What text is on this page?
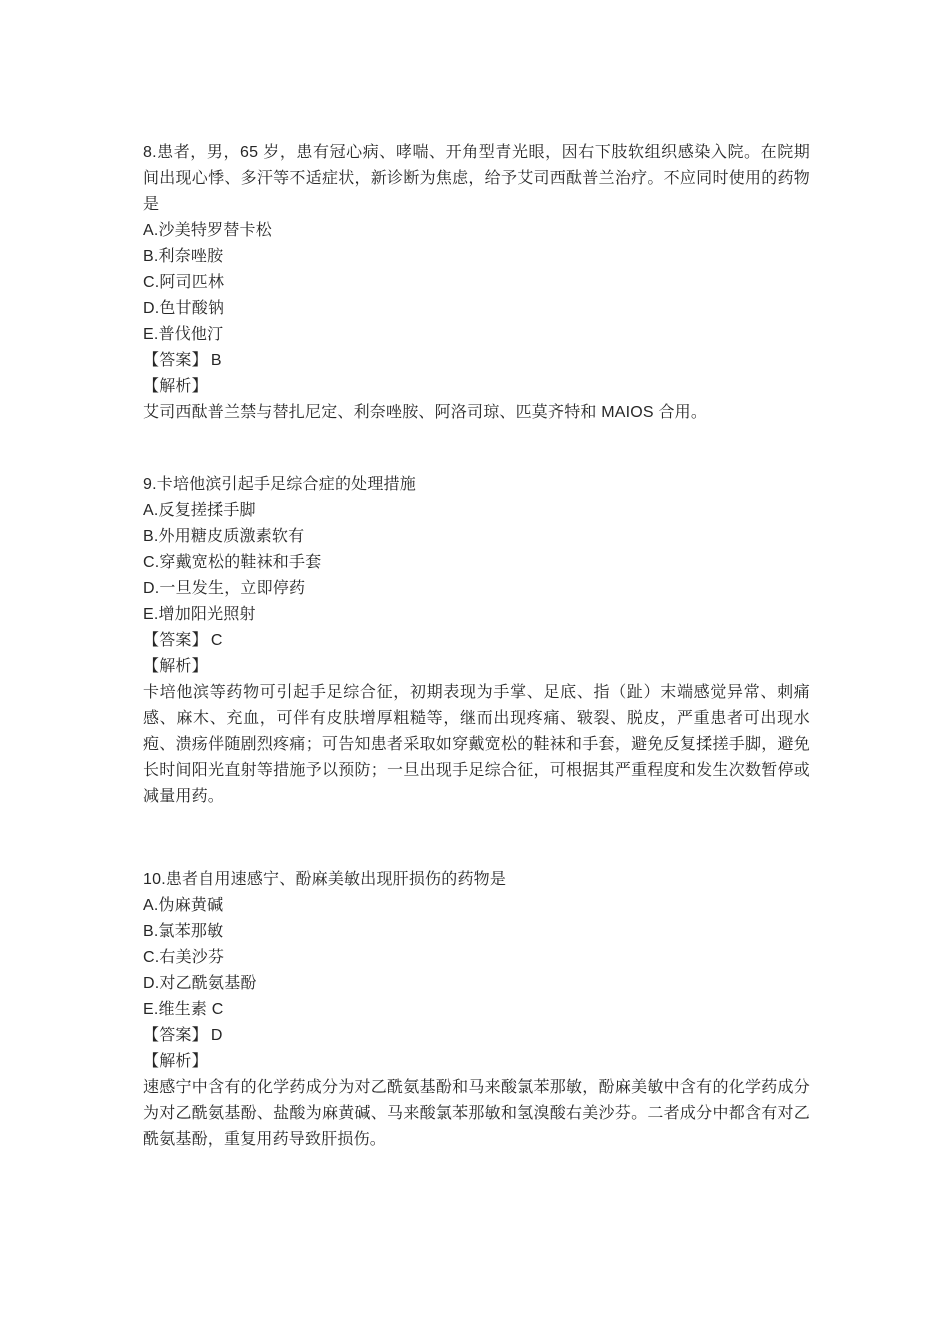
8.患者，男，65 岁，患有冠心病、哮喘、开角型青光眼，因右下肢软组织感染入院。在院期间出现心悸、多汗等不适症状，新诊断为焦虑，给予艾司西酞普兰治疗。不应同时使用的药物是

A.沙美特罗替卡松

B.利奈唑胺

C.阿司匹林

D.色甘酸钠

E.普伐他汀

【答案】 B

【解析】

艾司西酞普兰禁与替扎尼定、利奈唑胺、阿洛司琼、匹莫齐特和 MAIOS 合用。

9.卡培他滨引起手足综合症的处理措施

A.反复搓揉手脚

B.外用糖皮质激素软有

C.穿戴宽松的鞋袜和手套

D.一旦发生，立即停药

E.增加阳光照射

【答案】 C

【解析】

卡培他滨等药物可引起手足综合征，初期表现为手掌、足底、指（趾）末端感觉异常、刺痛感、麻木、充血，可伴有皮肤增厚粗糙等，继而出现疼痛、皲裂、脱皮，严重患者可出现水疱、溃疡伴随剧烈疼痛；可告知患者采取如穿戴宽松的鞋袜和手套，避免反复揉搓手脚，避免长时间阳光直射等措施予以预防；一旦出现手足综合征，可根据其严重程度和发生次数暂停或减量用药。

10.患者自用速感宁、酚麻美敏出现肝损伤的药物是

A.伪麻黄碱

B.氯苯那敏

C.右美沙芬

D.对乙酰氨基酚

E.维生素 C

【答案】 D

【解析】

速感宁中含有的化学药成分为对乙酰氨基酚和马来酸氯苯那敏，酚麻美敏中含有的化学药成分为对乙酰氨基酚、盐酸为麻黄碱、马来酸氯苯那敏和氢溴酸右美沙芬。二者成分中都含有对乙酰氨基酚，重复用药导致肝损伤。
